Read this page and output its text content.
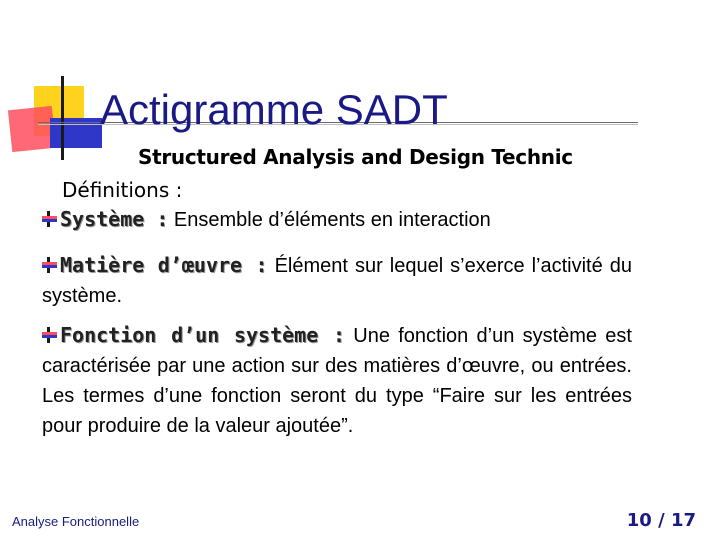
Actigramme SADT
Structured Analysis and Design Technic
Définitions :
Système : Ensemble d’éléments en interaction
Matière d’œuvre : Élément sur lequel s’exerce l’activité du système.
Fonction d’un système : Une fonction d’un système est caractérisée par une action sur des matières d’œuvre, ou entrées. Les termes d’une fonction seront du type “Faire sur les entrées pour produire de la valeur ajoutée”.
Analyse Fonctionnelle	10 / 17
